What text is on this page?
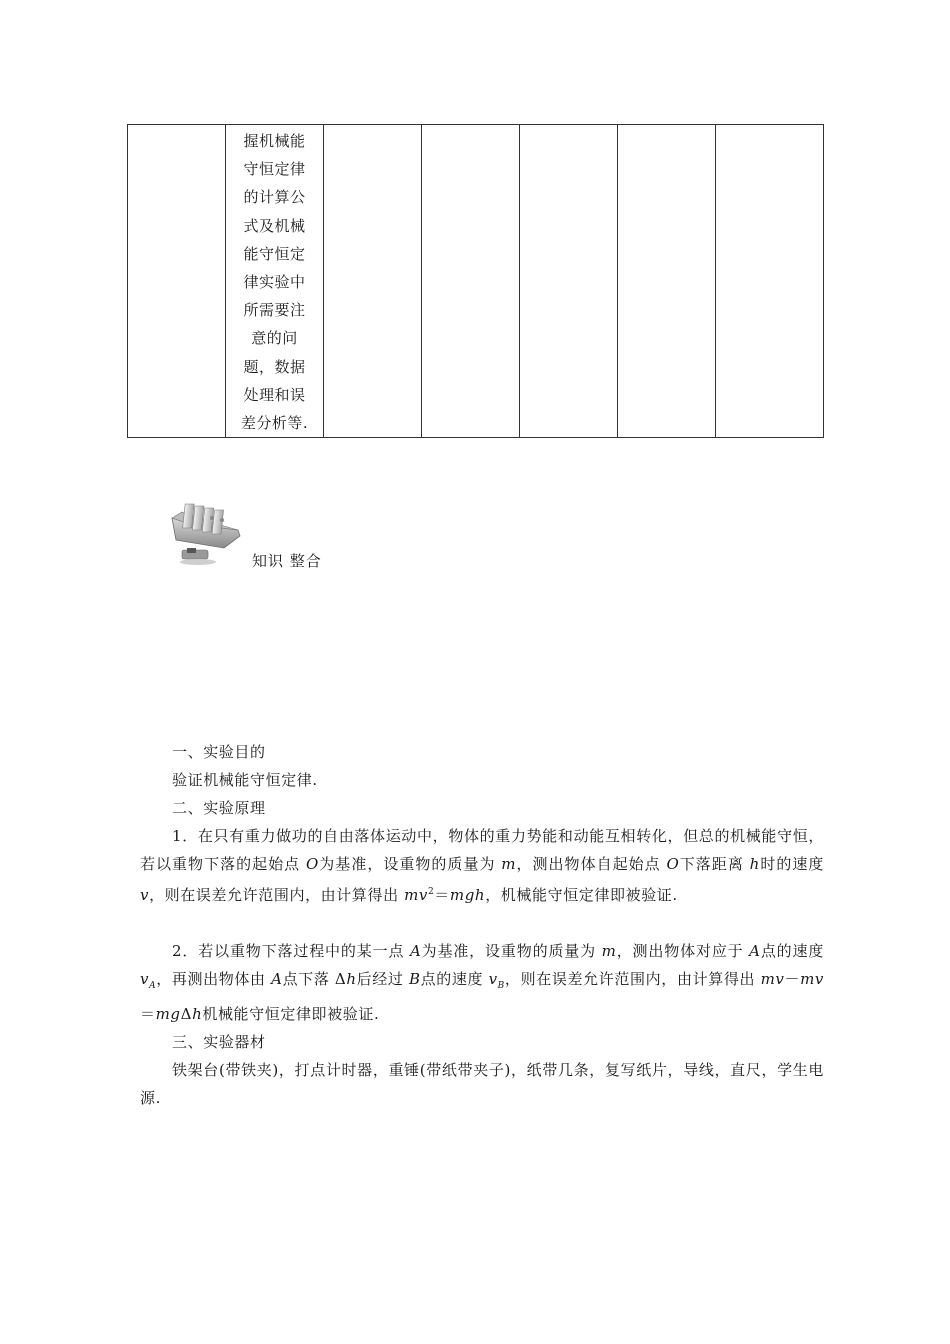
握机械能
守恒定律
的计算公
式及机械
能守恒定
律实验中
所需要注
意的问
题，数据
处理和误
差分析等.

知识 整合

一、实验目的

验证机械能守恒定律.

二、实验原理

1．在只有重力做功的自由落体运动中，物体的重力势能和动能互相转化，但总的机械能守恒，若以重物下落的起始点 O为基准，设重物的质量为 m，测出物体自起始点 O下落距离 h时的速度 v，则在误差允许范围内，由计算得出 $mv^2=mgh$，机械能守恒定律即被验证.

2．若以重物下落过程中的某一点 A为基准，设重物的质量为 m，测出物体对应于 A点的速度 $v_A$，再测出物体由 A点下落 Δh后经过 B点的速度 $v_B$，则在误差允许范围内，由计算得出 mv－mv＝mgΔh机械能守恒定律即被验证.

三、实验器材

铁架台(带铁夹)，打点计时器，重锤(带纸带夹子)，纸带几条，复写纸片，导线，直尺，学生电源.
